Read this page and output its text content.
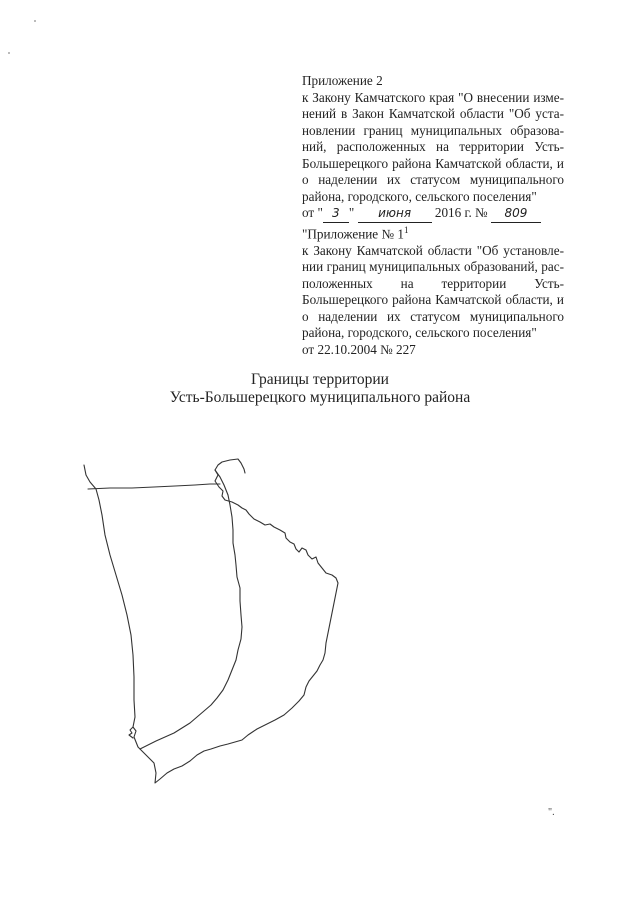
Приложение 2
к Закону Камчатского края "О внесении изме-
нений в Закон Камчатской области "Об уста-
новлении границ муниципальных образова-
ний, расположенных на территории Усть-
Большерецкого района Камчатской области, и
о наделении их статусом муниципального
района, городского, сельского поселения"
от " 3 " июня 2016 г. № 809
"Приложение № $1^1$
к Закону Камчатской области "Об установле-
нии границ муниципальных образований, рас-
положенных на территории Усть-
Большерецкого района Камчатской области, и
о наделении их статусом муниципального
района, городского, сельского поселения"
от 22.10.2004 № 227
Границы территории
Усть-Большерецкого муниципального района
".
